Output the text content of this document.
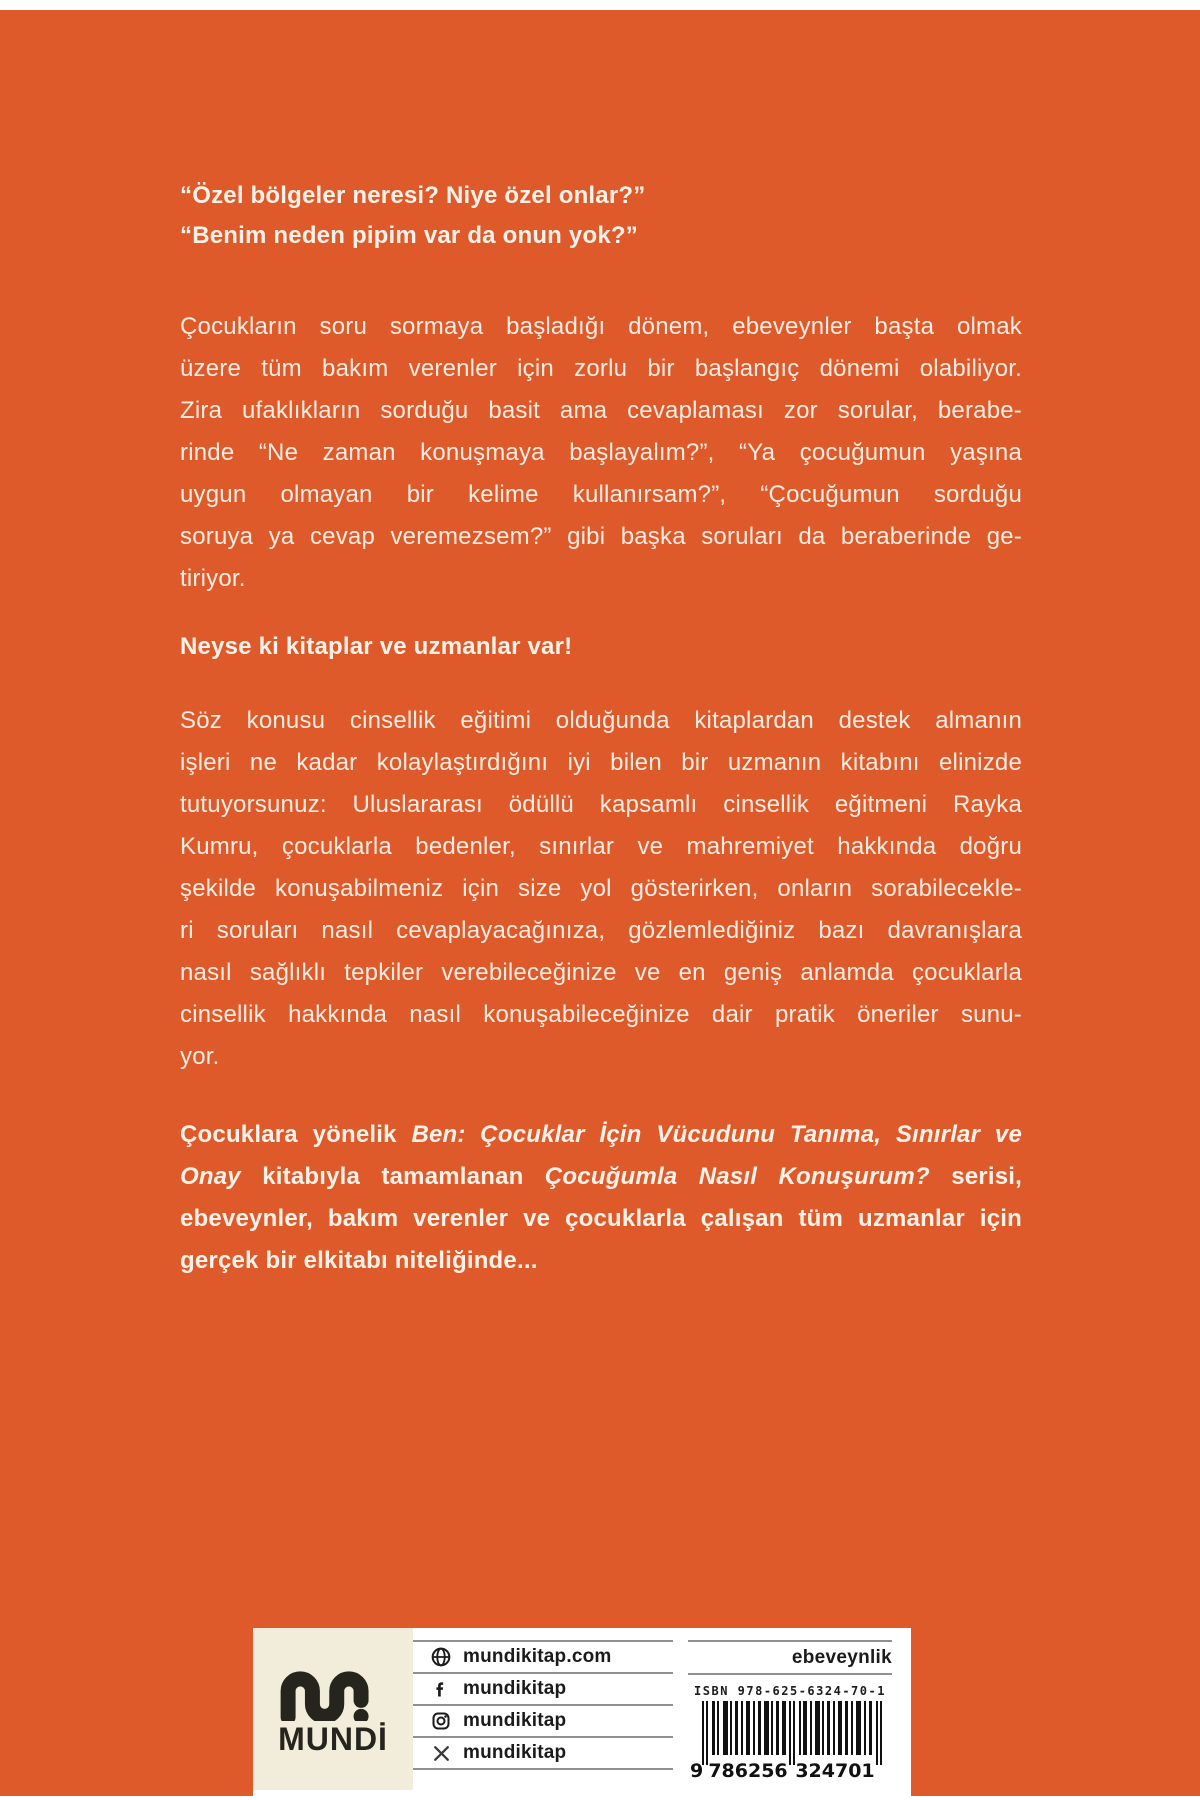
“Özel bölgeler neresi? Niye özel onlar?”
“Benim neden pipim var da onun yok?”
Çocukların soru sormaya başladığı dönem, ebeveynler başta olmak
üzere tüm bakım verenler için zorlu bir başlangıç dönemi olabiliyor.
Zira ufaklıkların sorduğu basit ama cevaplaması zor sorular, berabe-
rinde “Ne zaman konuşmaya başlayalım?”, “Ya çocuğumun yaşına
uygun olmayan bir kelime kullanırsam?”, “Çocuğumun sorduğu
soruya ya cevap veremezsem?” gibi başka soruları da beraberinde ge-
tiriyor.
Neyse ki kitaplar ve uzmanlar var!
Söz konusu cinsellik eğitimi olduğunda kitaplardan destek almanın
işleri ne kadar kolaylaştırdığını iyi bilen bir uzmanın kitabını elinizde
tutuyorsunuz: Uluslararası ödüllü kapsamlı cinsellik eğitmeni Rayka
Kumru, çocuklarla bedenler, sınırlar ve mahremiyet hakkında doğru
şekilde konuşabilmeniz için size yol gösterirken, onların sorabilecekle-
ri soruları nasıl cevaplayacağınıza, gözlemlediğiniz bazı davranışlara
nasıl sağlıklı tepkiler verebileceğinize ve en geniş anlamda çocuklarla
cinsellik hakkında nasıl konuşabileceğinize dair pratik öneriler sunu-
yor.
Çocuklara yönelik Ben: Çocuklar İçin Vücudunu Tanıma, Sınırlar ve
Onay kitabıyla tamamlanan Çocuğumla Nasıl Konuşurum? serisi,
ebeveynler, bakım verenler ve çocuklarla çalışan tüm uzmanlar için
gerçek bir elkitabı niteliğinde...
MUNDİ
mundikitap.com
mundikitap
mundikitap
mundikitap
ebeveynlik
ISBN 978-625-6324-70-1
9 786256 324701
